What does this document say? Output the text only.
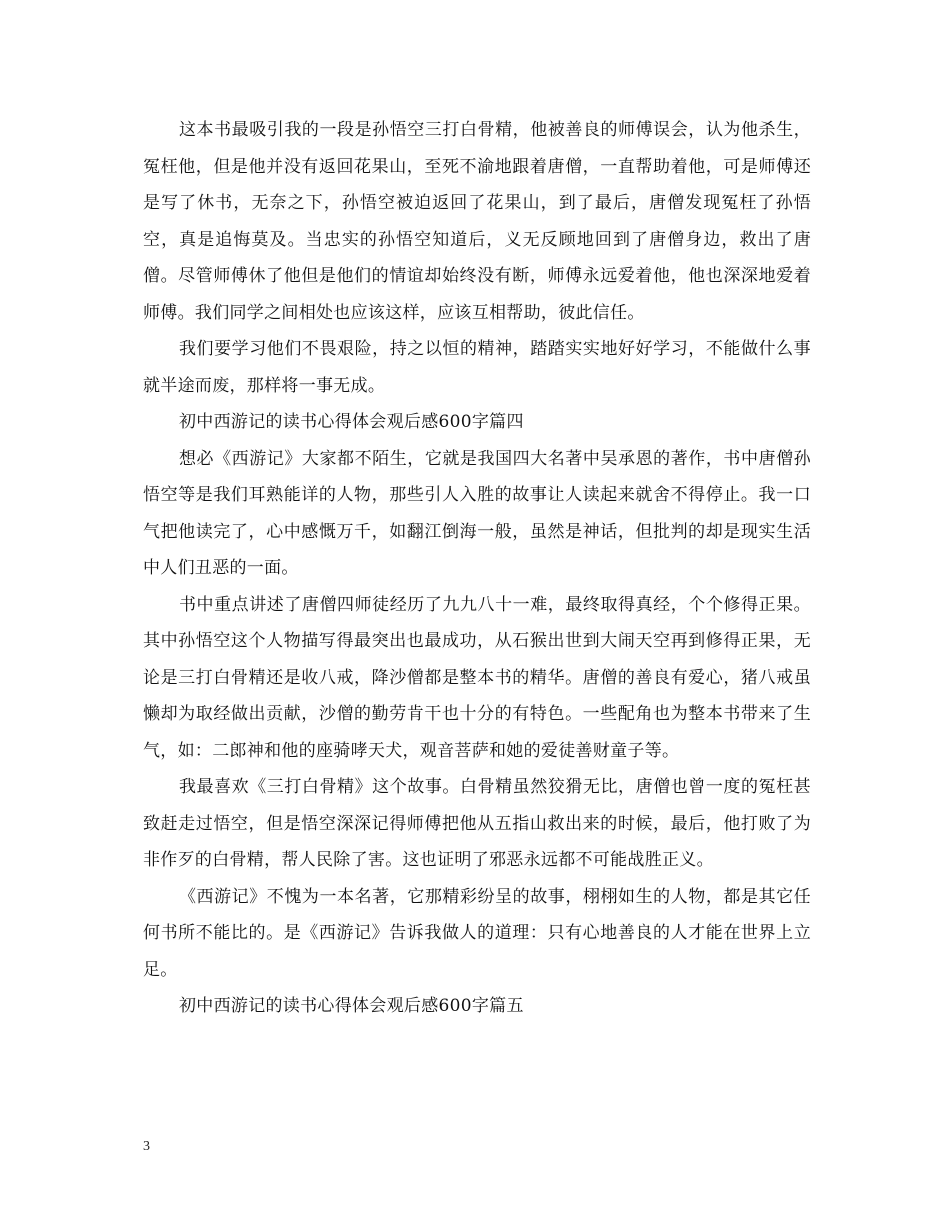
这本书最吸引我的一段是孙悟空三打白骨精，他被善良的师傅误会，认为他杀生，冤枉他，但是他并没有返回花果山，至死不渝地跟着唐僧，一直帮助着他，可是师傅还是写了休书，无奈之下，孙悟空被迫返回了花果山，到了最后，唐僧发现冤枉了孙悟空，真是追悔莫及。当忠实的孙悟空知道后，义无反顾地回到了唐僧身边，救出了唐僧。尽管师傅休了他但是他们的情谊却始终没有断，师傅永远爱着他，他也深深地爱着师傅。我们同学之间相处也应该这样，应该互相帮助，彼此信任。

我们要学习他们不畏艰险，持之以恒的精神，踏踏实实地好好学习，不能做什么事就半途而废，那样将一事无成。

初中西游记的读书心得体会观后感600字篇四

想必《西游记》大家都不陌生，它就是我国四大名著中吴承恩的著作，书中唐僧孙悟空等是我们耳熟能详的人物，那些引人入胜的故事让人读起来就舍不得停止。我一口气把他读完了，心中感慨万千，如翻江倒海一般，虽然是神话，但批判的却是现实生活中人们丑恶的一面。

书中重点讲述了唐僧四师徒经历了九九八十一难，最终取得真经，个个修得正果。其中孙悟空这个人物描写得最突出也最成功，从石猴出世到大闹天空再到修得正果，无论是三打白骨精还是收八戒，降沙僧都是整本书的精华。唐僧的善良有爱心，猪八戒虽懒却为取经做出贡献，沙僧的勤劳肯干也十分的有特色。一些配角也为整本书带来了生气，如：二郎神和他的座骑哮天犬，观音菩萨和她的爱徒善财童子等。

我最喜欢《三打白骨精》这个故事。白骨精虽然狡猾无比，唐僧也曾一度的冤枉甚致赶走过悟空，但是悟空深深记得师傅把他从五指山救出来的时候，最后，他打败了为非作歹的白骨精，帮人民除了害。这也证明了邪恶永远都不可能战胜正义。

《西游记》不愧为一本名著，它那精彩纷呈的故事，栩栩如生的人物，都是其它任何书所不能比的。是《西游记》告诉我做人的道理：只有心地善良的人才能在世界上立足。

初中西游记的读书心得体会观后感600字篇五

3
